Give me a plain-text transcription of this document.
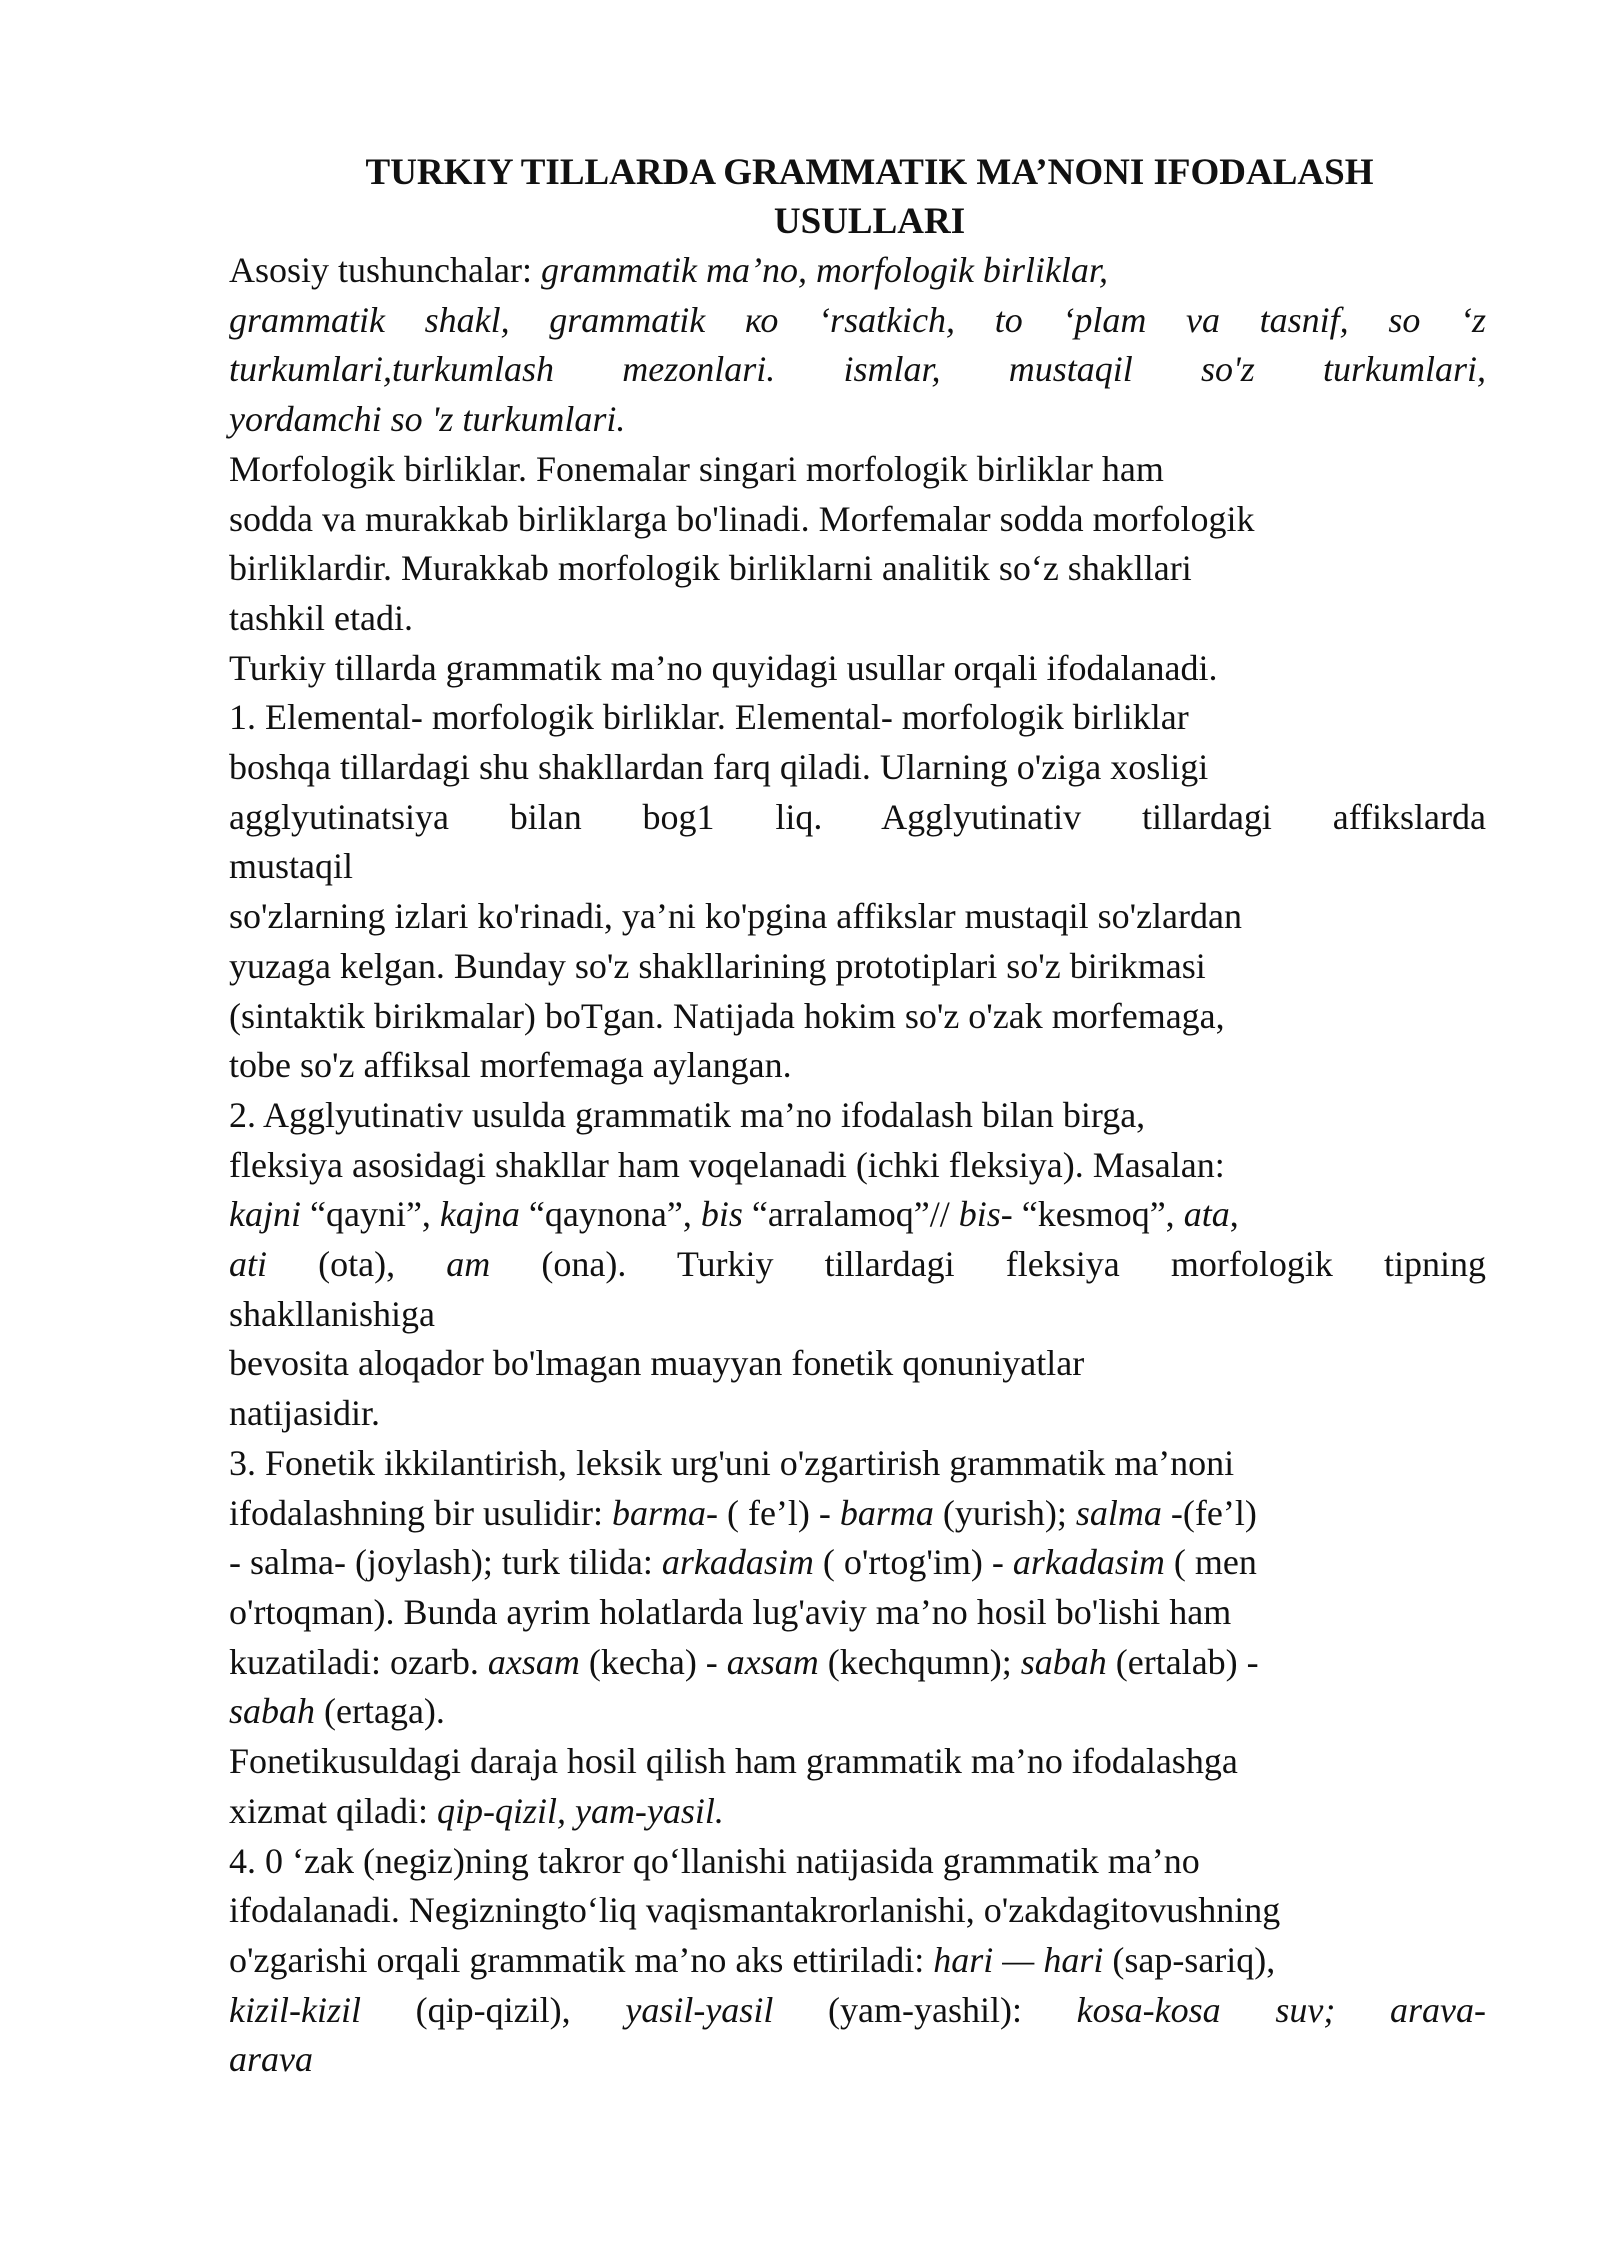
TURKIY TILLARDA GRAMMATIK MA’NONI IFODALASH
USULLARI

Asosiy tushunchalar: grammatik ma’no, morfologik birliklar,
grammatik shakl, grammatik ко ‘rsatkich, to ‘plam va tasnif, so ‘z
turkumlari,turkumlash mezonlari. ismlar, mustaqil so'z turkumlari,
yordamchi so 'z turkumlari.
Morfologik birliklar. Fonemalar singari morfologik birliklar ham
sodda va murakkab birliklarga bo'linadi. Morfemalar sodda morfologik
birliklardir. Murakkab morfologik birliklarni analitik so‘z shakllari
tashkil etadi.
Turkiy tillarda grammatik ma’no quyidagi usullar orqali ifodalanadi.
1. Elemental- morfologik birliklar. Elemental- morfologik birliklar
boshqa tillardagi shu shakllardan farq qiladi. Ularning o'ziga xosligi
agglyutinatsiya bilan bog1 liq. Agglyutinativ tillardagi affikslarda
mustaqil
so'zlarning izlari ko'rinadi, ya’ni ko'pgina affikslar mustaqil so'zlardan
yuzaga kelgan. Bunday so'z shakllarining prototiplari so'z birikmasi
(sintaktik birikmalar) boTgan. Natijada hokim so'z o'zak morfemaga,
tobe so'z affiksal morfemaga aylangan.
2. Agglyutinativ usulda grammatik ma’no ifodalash bilan birga,
fleksiya asosidagi shakllar ham voqelanadi (ichki fleksiya). Masalan:
kajni “qayni”, kajna “qaynona”, bis “arralamoq”// bis- “kesmoq”, ata,
ati (ota), am (ona). Turkiy tillardagi fleksiya morfologik tipning
shakllanishiga
bevosita aloqador bo'lmagan muayyan fonetik qonuniyatlar
natijasidir.
3. Fonetik ikkilantirish, leksik urg'uni o'zgartirish grammatik ma’noni
ifodalashning bir usulidir: barma- ( fe’l) - barma (yurish); salma -(fe’l)
- salma- (joylash); turk tilida: arkadasim ( o'rtog'im) - arkadasim ( men
o'rtoqman). Bunda ayrim holatlarda lug'aviy ma’no hosil bo'lishi ham
kuzatiladi: ozarb. axsam (kecha) - axsam (kechqumn); sabah (ertalab) -
sabah (ertaga).
Fonetikusuldagi daraja hosil qilish ham grammatik ma’no ifodalashga
xizmat qiladi: qip-qizil, yam-yasil.
4. 0 ‘zak (negiz)ning takror qo‘llanishi natijasida grammatik ma’no
ifodalanadi. Negizningto‘liq vaqismantakrorlanishi, o'zakdagitovushning
o'zgarishi orqali grammatik ma’no aks ettiriladi: hari — hari (sap-sariq),
kizil-kizil (qip-qizil), yasil-yasil (yam-yashil): kosa-kosa suv; arava-
arava
